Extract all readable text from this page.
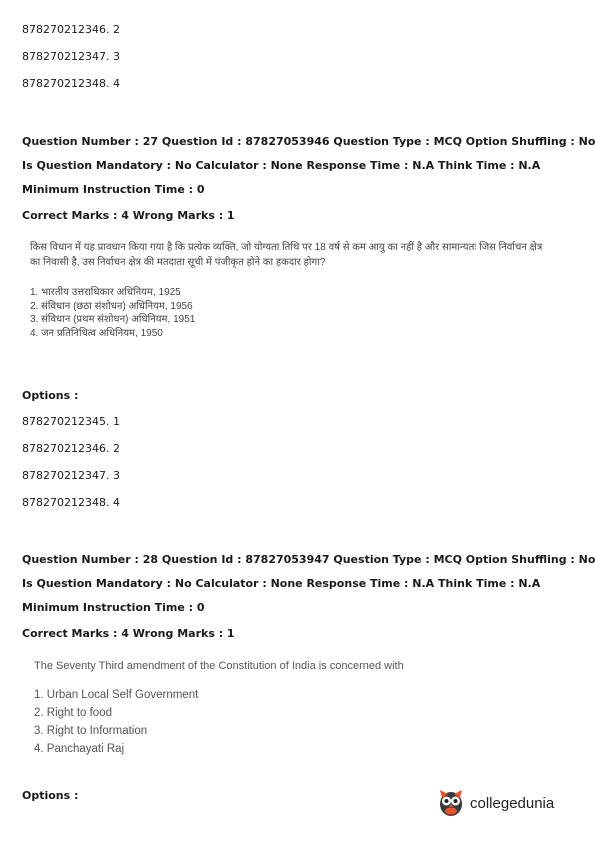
878270212346. 2
878270212347. 3
878270212348. 4
Question Number : 27 Question Id : 87827053946 Question Type : MCQ Option Shuffling : No
Is Question Mandatory : No Calculator : None Response Time : N.A Think Time : N.A
Minimum Instruction Time : 0
Correct Marks : 4 Wrong Marks : 1
किस विधान में यह प्रावधान किया गया है कि प्रत्येक व्यक्ति, जो योग्यता तिथि पर 18 वर्ष से कम आयु का नहीं है और सामान्यतः जिस निर्वाचन क्षेत्र
का निवासी है, उस निर्वाचन क्षेत्र की मतदाता सूची में पंजीकृत होने का हकदार होगा?
1. भारतीय उत्तराधिकार अधिनियम, 1925
2. संविधान (छठा संशोधन) अधिनियम, 1956
3. संविधान (प्रथम संशोधन) अधिनियम, 1951
4. जन प्रतिनिधित्व अधिनियम, 1950
Options :
878270212345. 1
878270212346. 2
878270212347. 3
878270212348. 4
Question Number : 28 Question Id : 87827053947 Question Type : MCQ Option Shuffling : No
Is Question Mandatory : No Calculator : None Response Time : N.A Think Time : N.A
Minimum Instruction Time : 0
Correct Marks : 4 Wrong Marks : 1
The Seventy Third amendment of the Constitution of India is concerned with
1. Urban Local Self Government
2. Right to food
3. Right to Information
4. Panchayati Raj
Options :	collegedunia
